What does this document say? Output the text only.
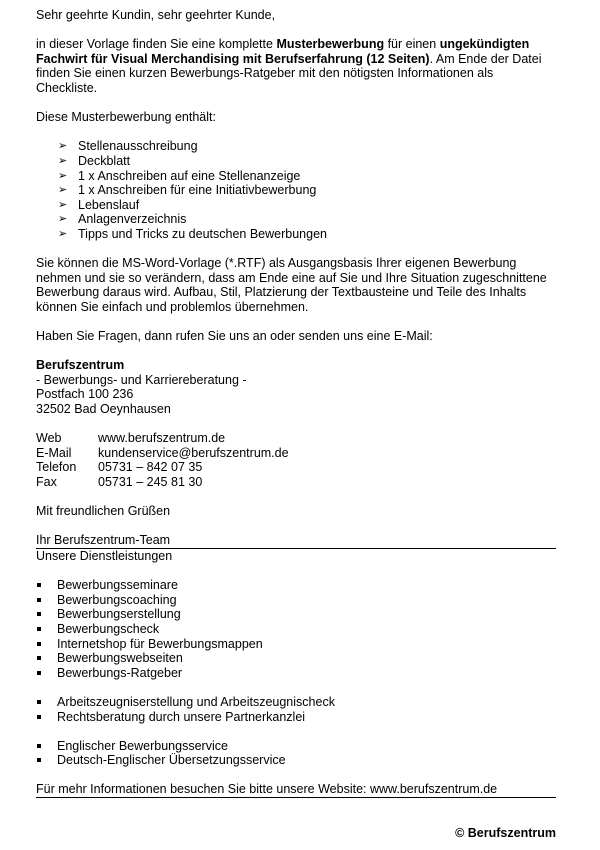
Sehr geehrte Kundin, sehr geehrter Kunde,

in dieser Vorlage finden Sie eine komplette Musterbewerbung für einen ungekündigten Fachwirt für Visual Merchandising mit Berufserfahrung (12 Seiten). Am Ende der Datei finden Sie einen kurzen Bewerbungs-Ratgeber mit den nötigsten Informationen als Checkliste.

Diese Musterbewerbung enthält:

➢ Stellenausschreibung
➢ Deckblatt
➢ 1 x Anschreiben auf eine Stellenanzeige
➢ 1 x Anschreiben für eine Initiativbewerbung
➢ Lebenslauf
➢ Anlagenverzeichnis
➢ Tipps und Tricks zu deutschen Bewerbungen

Sie können die MS-Word-Vorlage (*.RTF) als Ausgangsbasis Ihrer eigenen Bewerbung nehmen und sie so verändern, dass am Ende eine auf Sie und Ihre Situation zugeschnittene Bewerbung daraus wird. Aufbau, Stil, Platzierung der Textbausteine und Teile des Inhalts können Sie einfach und problemlos übernehmen.

Haben Sie Fragen, dann rufen Sie uns an oder senden uns eine E-Mail:

Berufszentrum

- Bewerbungs- und Karriereberatung -

Postfach 100 236

32502 Bad Oeynhausen

Web	www.berufszentrum.de
E-Mail	kundenservice@berufszentrum.de
Telefon	05731 – 842 07 35
Fax	05731 – 245 81 30

Mit freundlichen Grüßen

Ihr Berufszentrum-Team

Unsere Dienstleistungen

Bewerbungsseminare
Bewerbungscoaching
Bewerbungserstellung
Bewerbungscheck
Internetshop für Bewerbungsmappen
Bewerbungswebseiten
Bewerbungs-Ratgeber
Arbeitszeugniserstellung und Arbeitszeugnischeck
Rechtsberatung durch unsere Partnerkanzlei
Englischer Bewerbungsservice
Deutsch-Englischer Übersetzungsservice

Für mehr Informationen besuchen Sie bitte unsere Website: www.berufszentrum.de

© Berufszentrum
